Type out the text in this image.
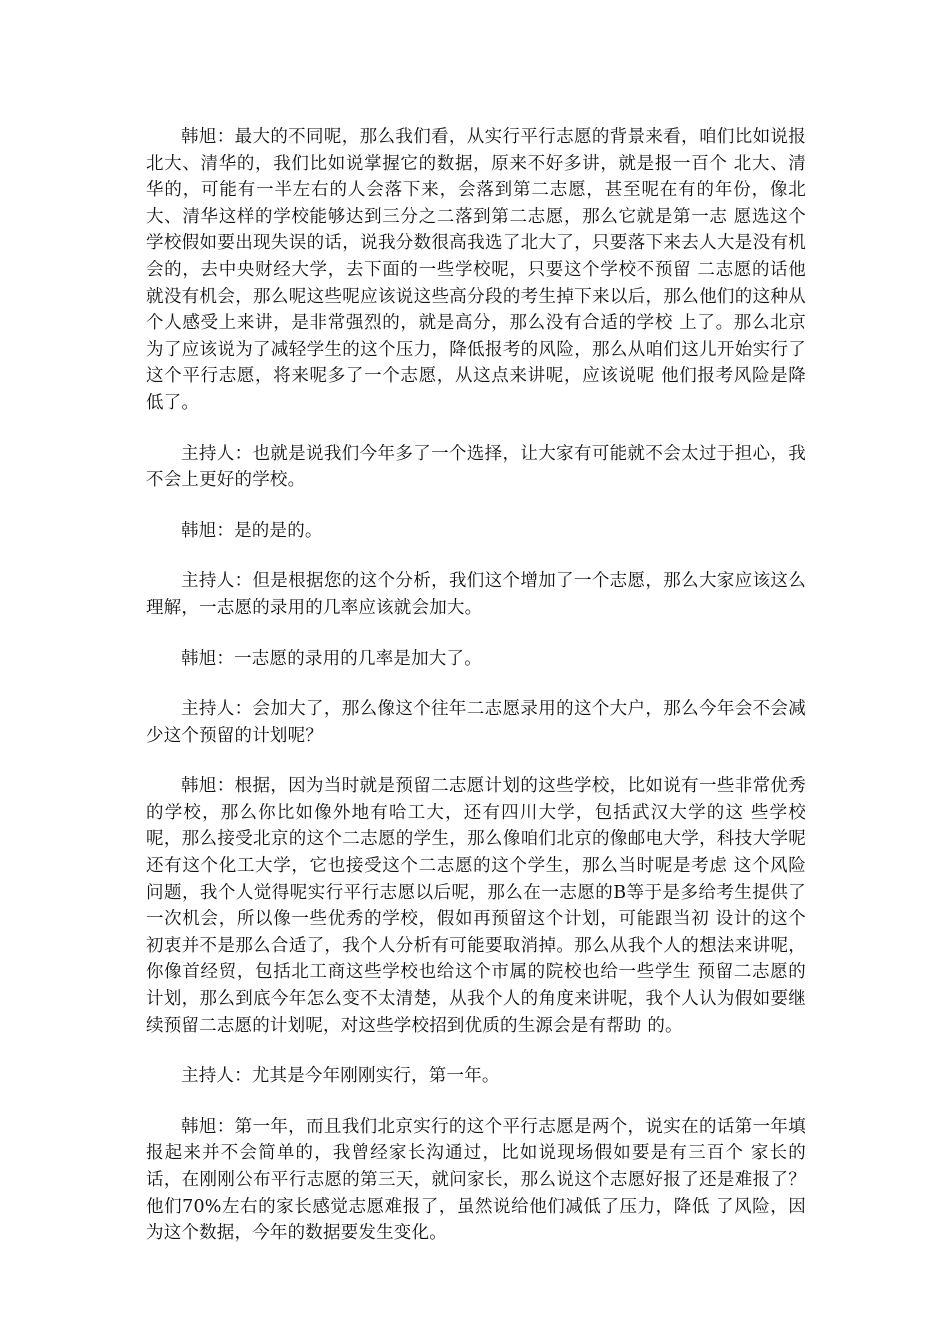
韩旭：最大的不同呢，那么我们看，从实行平行志愿的背景来看，咱们比如说报北大、清华的，我们比如说掌握它的数据，原来不好多讲，就是报一百个 北大、清华的，可能有一半左右的人会落下来，会落到第二志愿，甚至呢在有的年份，像北大、清华这样的学校能够达到三分之二落到第二志愿，那么它就是第一志 愿选这个学校假如要出现失误的话，说我分数很高我选了北大了，只要落下来去人大是没有机会的，去中央财经大学，去下面的一些学校呢，只要这个学校不预留 二志愿的话他就没有机会，那么呢这些呢应该说这些高分段的考生掉下来以后，那么他们的这种从个人感受上来讲，是非常强烈的，就是高分，那么没有合适的学校 上了。那么北京为了应该说为了减轻学生的这个压力，降低报考的风险，那么从咱们这儿开始实行了这个平行志愿，将来呢多了一个志愿，从这点来讲呢，应该说呢 他们报考风险是降低了。

主持人：也就是说我们今年多了一个选择，让大家有可能就不会太过于担心，我不会上更好的学校。

韩旭：是的是的。

主持人：但是根据您的这个分析，我们这个增加了一个志愿，那么大家应该这么理解，一志愿的录用的几率应该就会加大。

韩旭：一志愿的录用的几率是加大了。

主持人：会加大了，那么像这个往年二志愿录用的这个大户，那么今年会不会减少这个预留的计划呢？

韩旭：根据，因为当时就是预留二志愿计划的这些学校，比如说有一些非常优秀的学校，那么你比如像外地有哈工大，还有四川大学，包括武汉大学的这 些学校呢，那么接受北京的这个二志愿的学生，那么像咱们北京的像邮电大学，科技大学呢还有这个化工大学，它也接受这个二志愿的这个学生，那么当时呢是考虑 这个风险问题，我个人觉得呢实行平行志愿以后呢，那么在一志愿的B等于是多给考生提供了一次机会，所以像一些优秀的学校，假如再预留这个计划，可能跟当初 设计的这个初衷并不是那么合适了，我个人分析有可能要取消掉。那么从我个人的想法来讲呢，你像首经贸，包括北工商这些学校也给这个市属的院校也给一些学生 预留二志愿的计划，那么到底今年怎么变不太清楚，从我个人的角度来讲呢，我个人认为假如要继续预留二志愿的计划呢，对这些学校招到优质的生源会是有帮助 的。

主持人：尤其是今年刚刚实行，第一年。

韩旭：第一年，而且我们北京实行的这个平行志愿是两个，说实在的话第一年填报起来并不会简单的，我曾经家长沟通过，比如说现场假如要是有三百个 家长的话，在刚刚公布平行志愿的第三天，就问家长，那么说这个志愿好报了还是难报了？他们70%左右的家长感觉志愿难报了，虽然说给他们减低了压力，降低 了风险，因为这个数据，今年的数据要发生变化。
